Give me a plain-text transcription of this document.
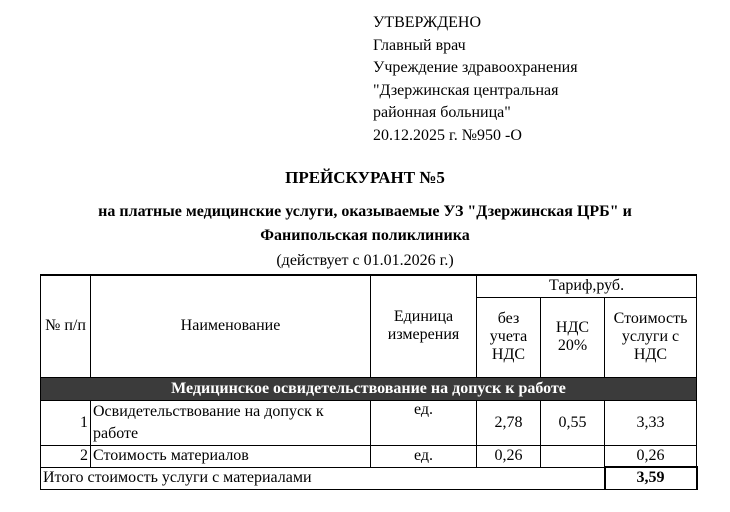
УТВЕРЖДЕНО
Главный врач
Учреждение здравоохранения
"Дзержинская центральная
районная больница"
20.12.2025 г. №950 -О
ПРЕЙСКУРАНТ №5
на платные медицинские услуги, оказываемые УЗ "Дзержинская ЦРБ" и
Фанипольская поликлиника
(действует с 01.01.2026 г.)
№ п/п	Наименование	Единица измерения	Тариф,руб.		
			без учета НДС	НДС 20%	Стоимость услуги с НДС
Медицинское освидетельствование на допуск к работе					
1	Освидетельствование на допуск к работе	ед.	2,78	0,55	3,33
2	Стоимость материалов	ед.	0,26		0,26
Итого стоимость услуги с материалами					3,59
